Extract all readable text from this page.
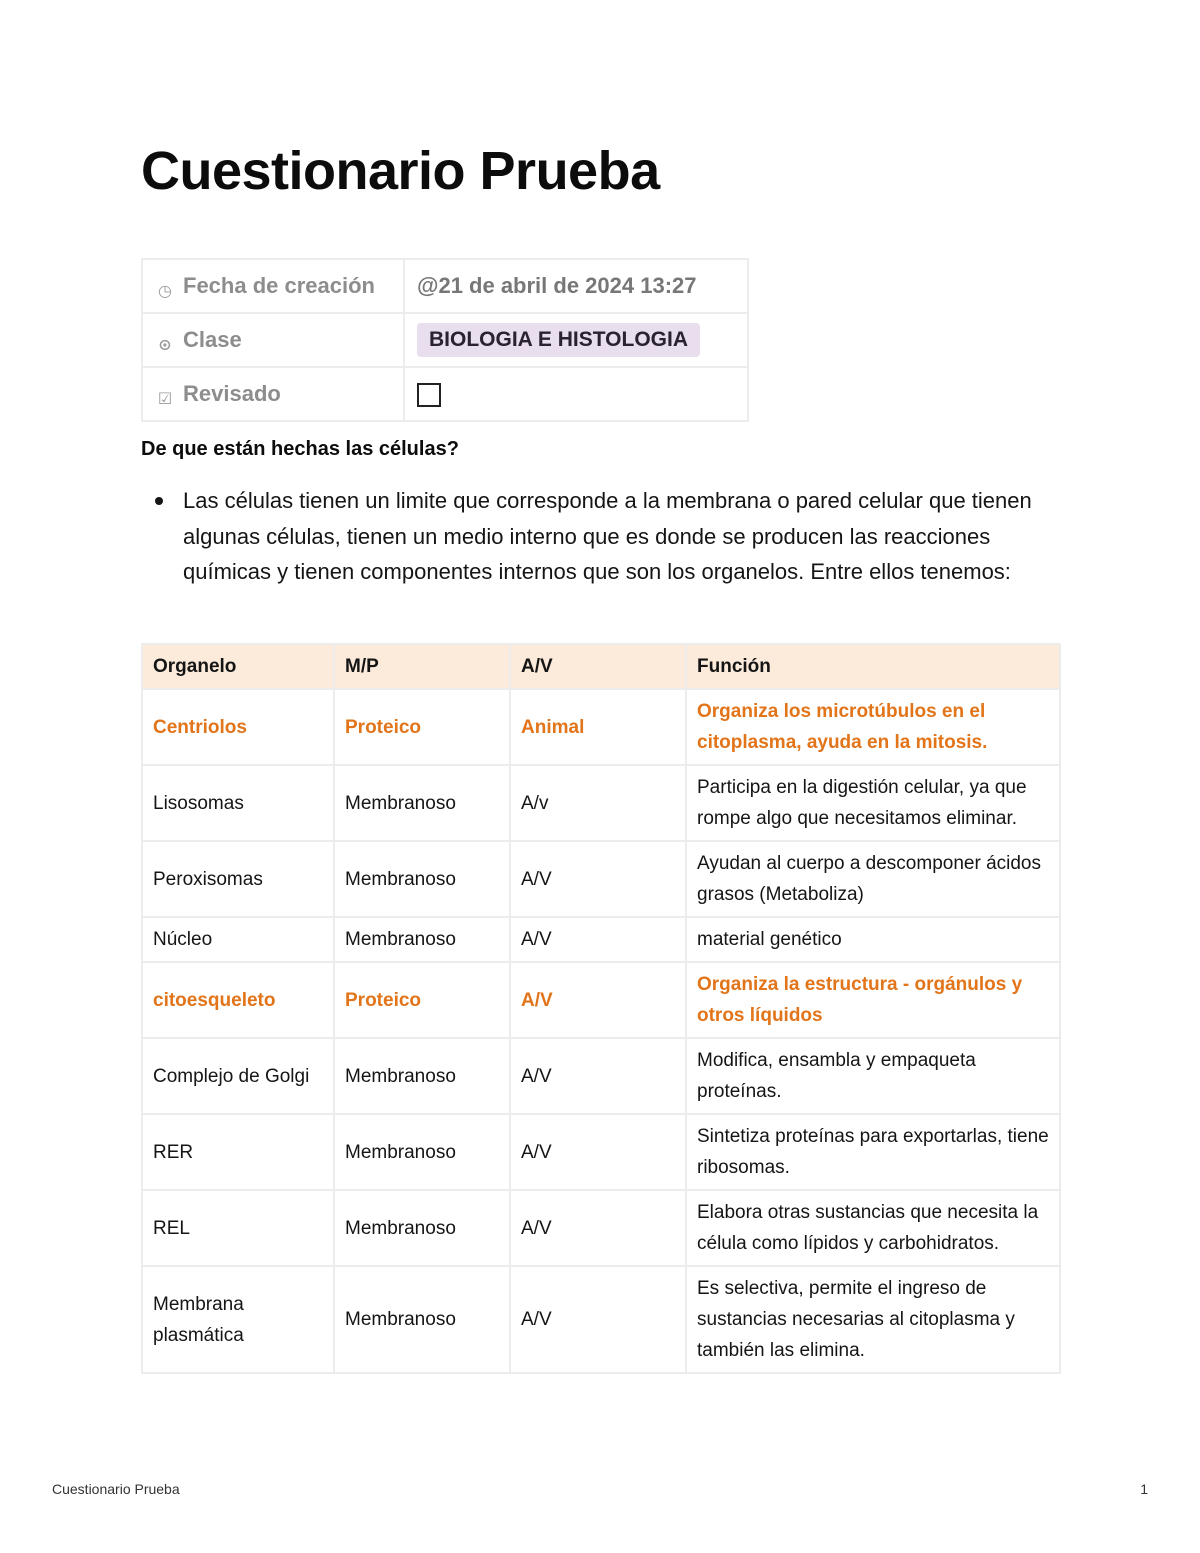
Cuestionario Prueba
◷ Fecha de creación	@21 de abril de 2024 13:27
⊙ Clase	BIOLOGIA E HISTOLOGIA
☑ Revisado	

De que están hechas las células?

Las células tienen un limite que corresponde a la membrana o pared celular que tienen algunas células, tienen un medio interno que es donde se producen las reacciones químicas y tienen componentes internos que son los organelos. Entre ellos tenemos:
Organelo	M/P	A/V	Función
Centriolos	Proteico	Animal	Organiza los microtúbulos en el citoplasma, ayuda en la mitosis.
Lisosomas	Membranoso	A/v	Participa en la digestión celular, ya que rompe algo que necesitamos eliminar.
Peroxisomas	Membranoso	A/V	Ayudan al cuerpo a descomponer ácidos grasos (Metaboliza)
Núcleo	Membranoso	A/V	material genético
citoesqueleto	Proteico	A/V	Organiza la estructura - orgánulos y otros líquidos
Complejo de Golgi	Membranoso	A/V	Modifica, ensambla y empaqueta proteínas.
RER	Membranoso	A/V	Sintetiza proteínas para exportarlas, tiene ribosomas.
REL	Membranoso	A/V	Elabora otras sustancias que necesita la célula como lípidos y carbohidratos.
Membrana plasmática	Membranoso	A/V	Es selectiva, permite el ingreso de sustancias necesarias al citoplasma y también las elimina.
Cuestionario Prueba	1
